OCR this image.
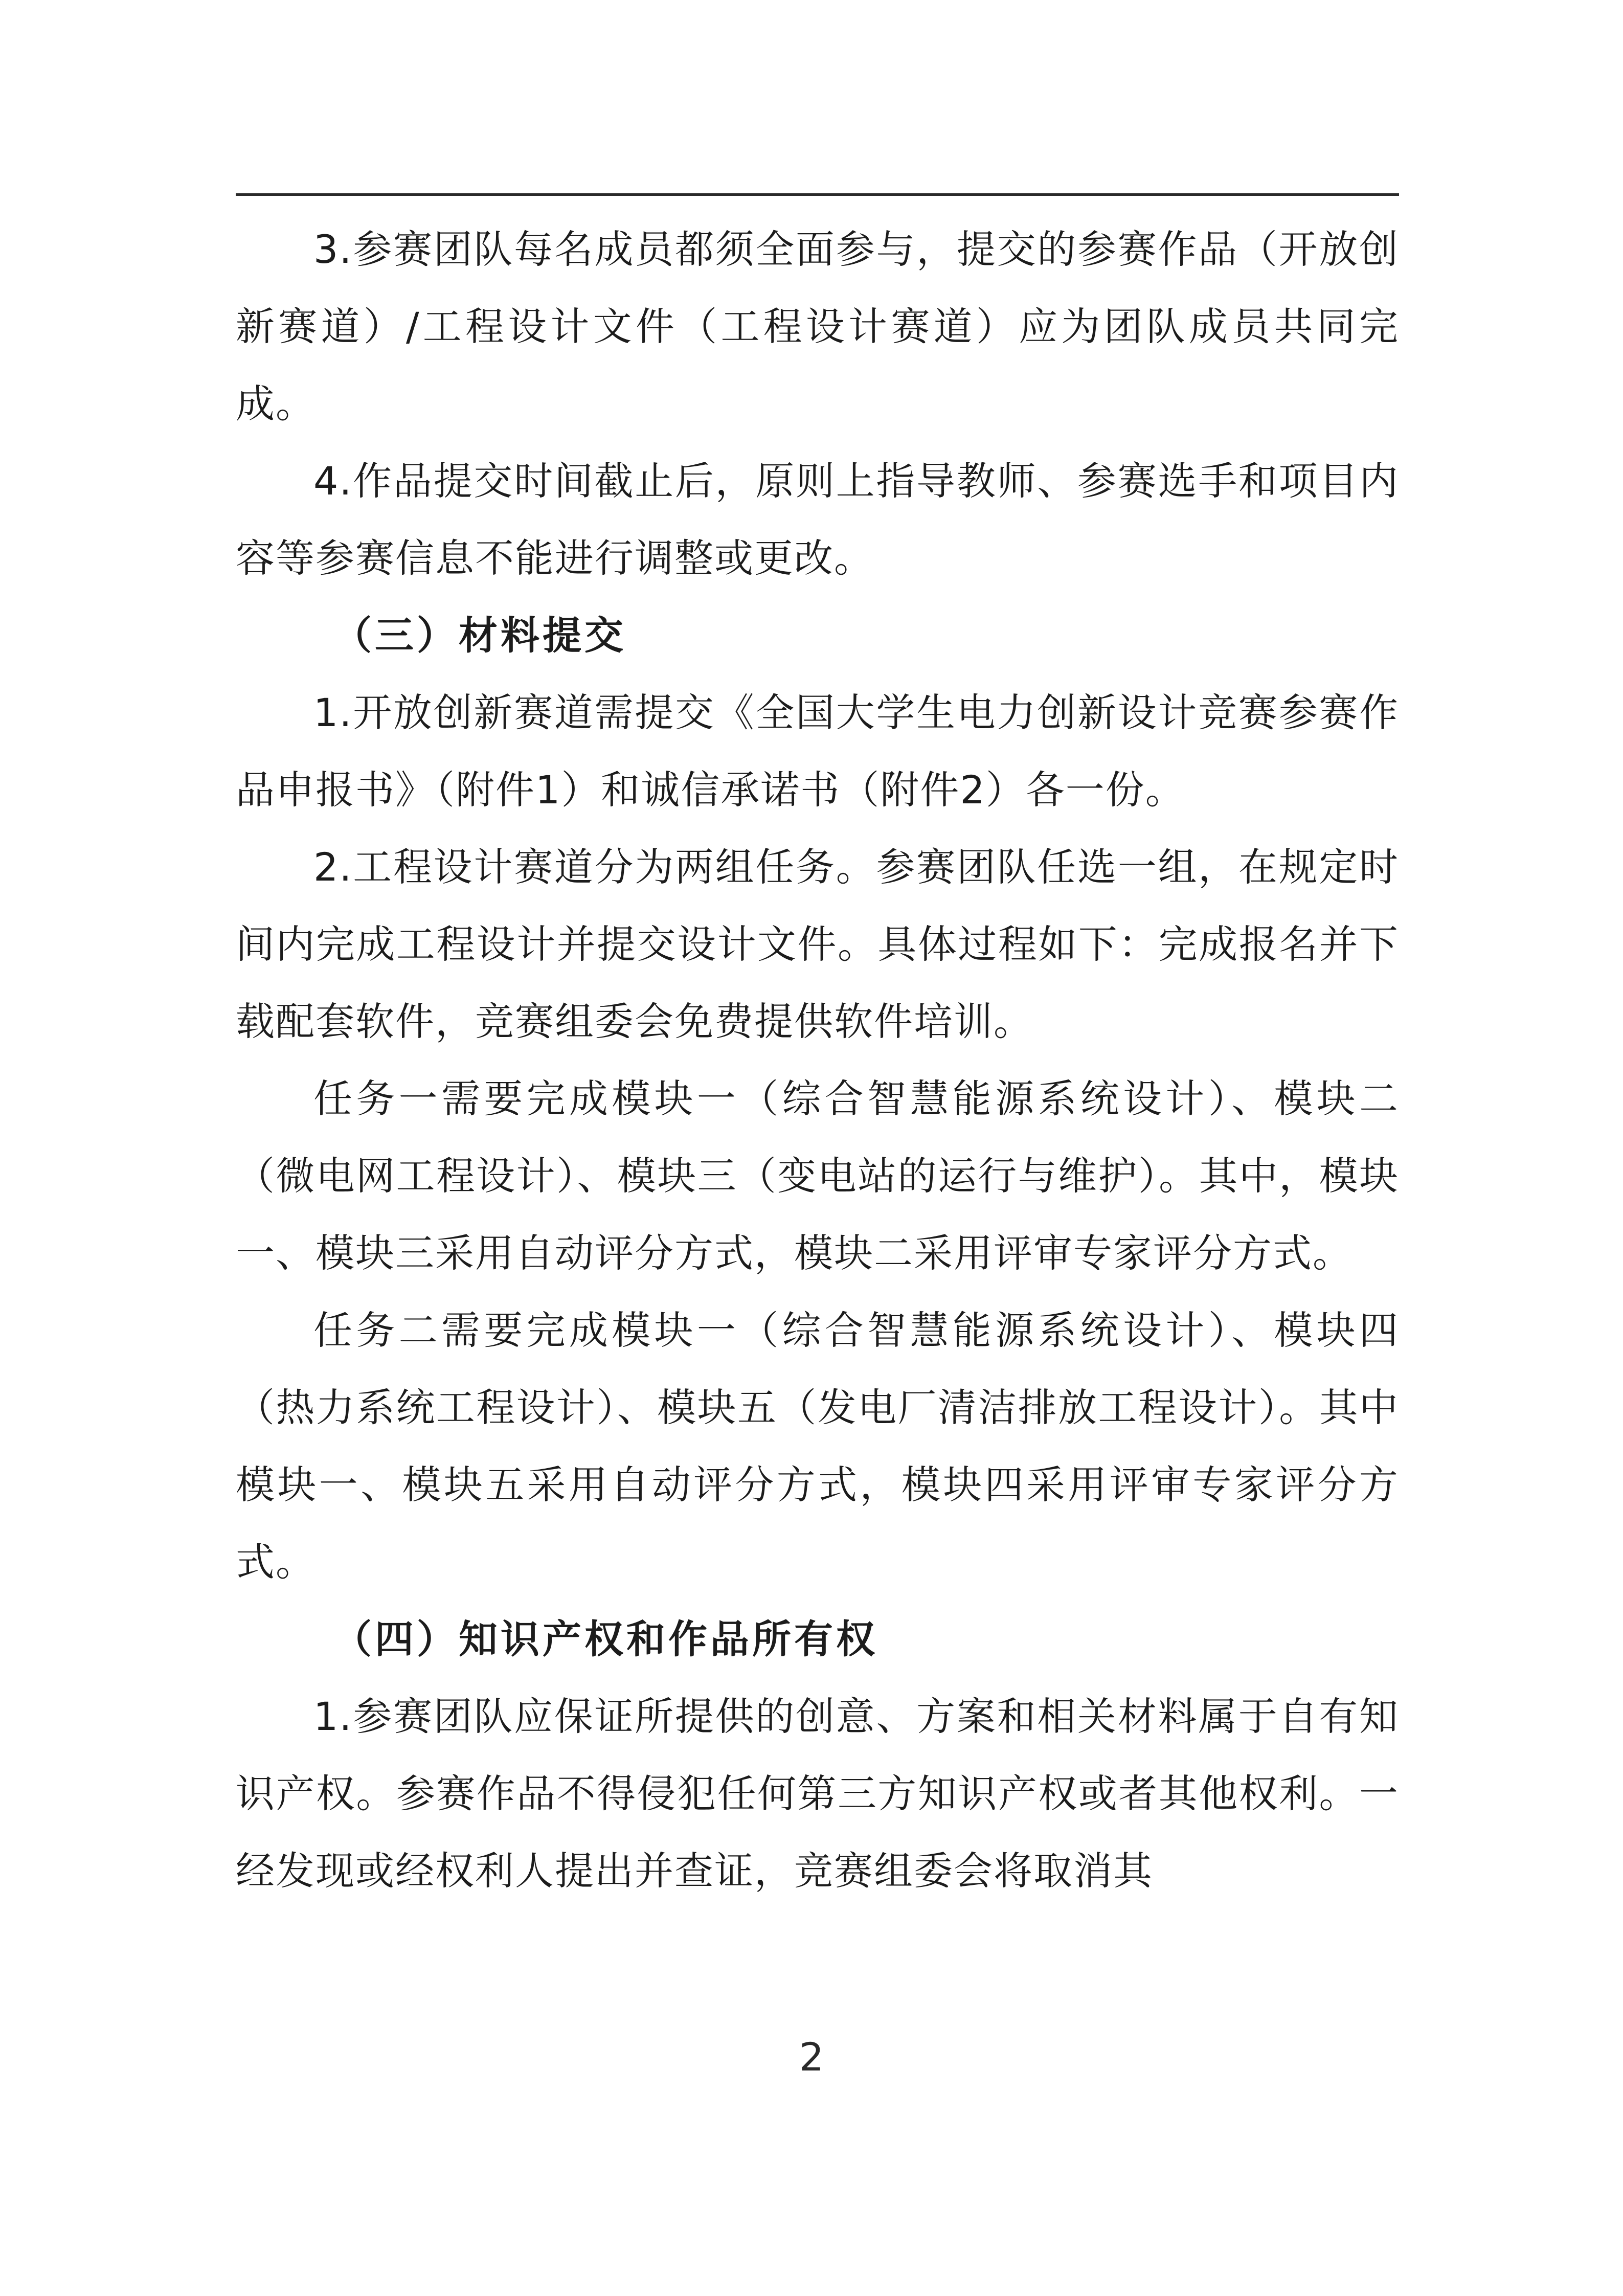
3.参赛团队每名成员都须全面参与，提交的参赛作品（开放创新赛道）/工程设计文件（工程设计赛道）应为团队成员共同完成。

4.作品提交时间截止后，原则上指导教师、参赛选手和项目内容等参赛信息不能进行调整或更改。

（三）材料提交

1.开放创新赛道需提交《全国大学生电力创新设计竞赛参赛作品申报书》（附件1）和诚信承诺书（附件2）各一份。

2.工程设计赛道分为两组任务。参赛团队任选一组，在规定时间内完成工程设计并提交设计文件。具体过程如下：完成报名并下载配套软件，竞赛组委会免费提供软件培训。

任务一需要完成模块一（综合智慧能源系统设计）、模块二（微电网工程设计）、模块三（变电站的运行与维护）。其中，模块一、模块三采用自动评分方式，模块二采用评审专家评分方式。

任务二需要完成模块一（综合智慧能源系统设计）、模块四（热力系统工程设计）、模块五（发电厂清洁排放工程设计）。其中模块一、模块五采用自动评分方式，模块四采用评审专家评分方式。

（四）知识产权和作品所有权

1.参赛团队应保证所提供的创意、方案和相关材料属于自有知识产权。参赛作品不得侵犯任何第三方知识产权或者其他权利。一经发现或经权利人提出并查证，竞赛组委会将取消其

2
